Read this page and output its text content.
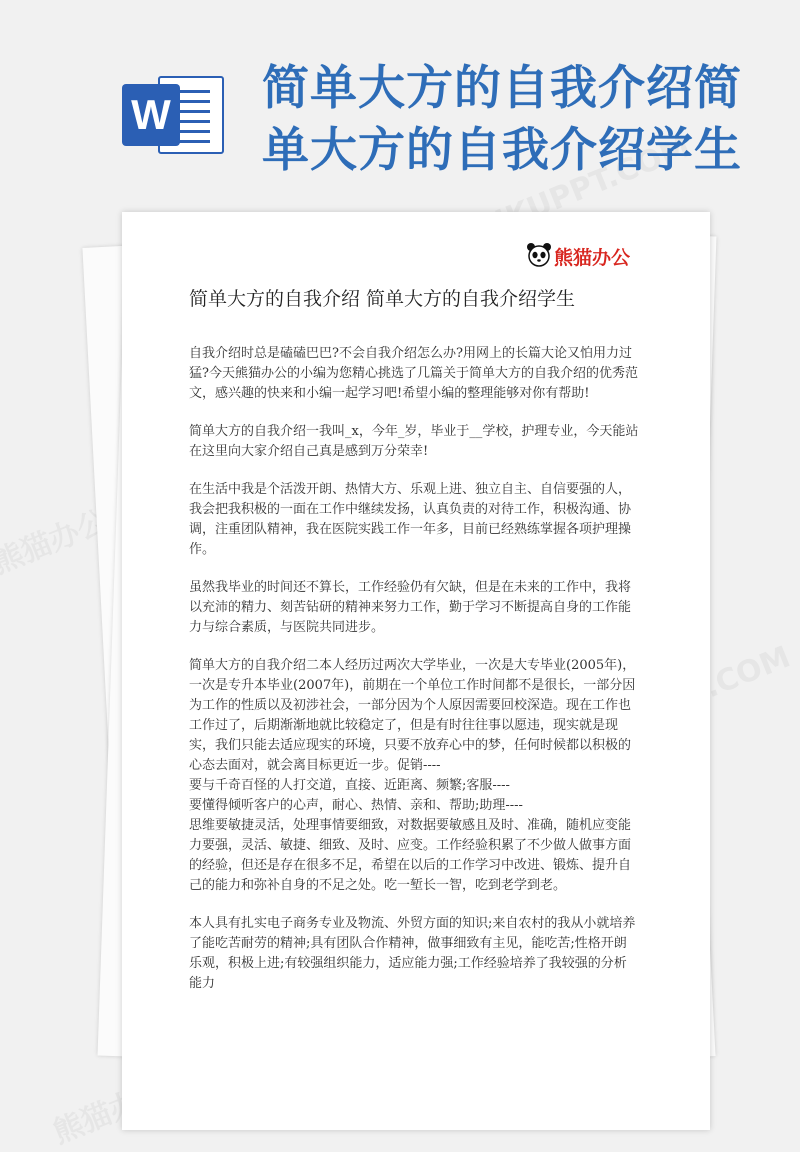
W 简单大方的自我介绍简单大方的自我介绍学生
熊猫办公
简单大方的自我介绍 简单大方的自我介绍学生

自我介绍时总是磕磕巴巴?不会自我介绍怎么办?用网上的长篇大论又怕用力过猛?今天熊猫办公的小编为您精心挑选了几篇关于简单大方的自我介绍的优秀范文，感兴趣的快来和小编一起学习吧!希望小编的整理能够对你有帮助!

简单大方的自我介绍一我叫_x，今年_岁，毕业于__学校，护理专业，今天能站在这里向大家介绍自己真是感到万分荣幸!

在生活中我是个活泼开朗、热情大方、乐观上进、独立自主、自信要强的人，我会把我积极的一面在工作中继续发扬，认真负责的对待工作，积极沟通、协调，注重团队精神，我在医院实践工作一年多，目前已经熟练掌握各项护理操作。

虽然我毕业的时间还不算长，工作经验仍有欠缺，但是在未来的工作中，我将以充沛的精力、刻苦钻研的精神来努力工作，勤于学习不断提高自身的工作能力与综合素质，与医院共同进步。

简单大方的自我介绍二本人经历过两次大学毕业，一次是大专毕业(2005年)，一次是专升本毕业(2007年)，前期在一个单位工作时间都不是很长，一部分因为工作的性质以及初涉社会，一部分因为个人原因需要回校深造。现在工作也工作过了，后期渐渐地就比较稳定了，但是有时往往事以愿违，现实就是现实，我们只能去适应现实的环境，只要不放弃心中的梦，任何时候都以积极的心态去面对，就会离目标更近一步。促销----

要与千奇百怪的人打交道，直接、近距离、频繁;客服----

要懂得倾听客户的心声，耐心、热情、亲和、帮助;助理----

思维要敏捷灵活，处理事情要细致，对数据要敏感且及时、准确，随机应变能力要强，灵活、敏捷、细致、及时、应变。工作经验积累了不少做人做事方面的经验，但还是存在很多不足，希望在以后的工作学习中改进、锻炼、提升自己的能力和弥补自身的不足之处。吃一堑长一智，吃到老学到老。

本人具有扎实电子商务专业及物流、外贸方面的知识;来自农村的我从小就培养了能吃苦耐劳的精神;具有团队合作精神，做事细致有主见，能吃苦;性格开朗乐观，积极上进;有较强组织能力，适应能力强;工作经验培养了我较强的分析能力
